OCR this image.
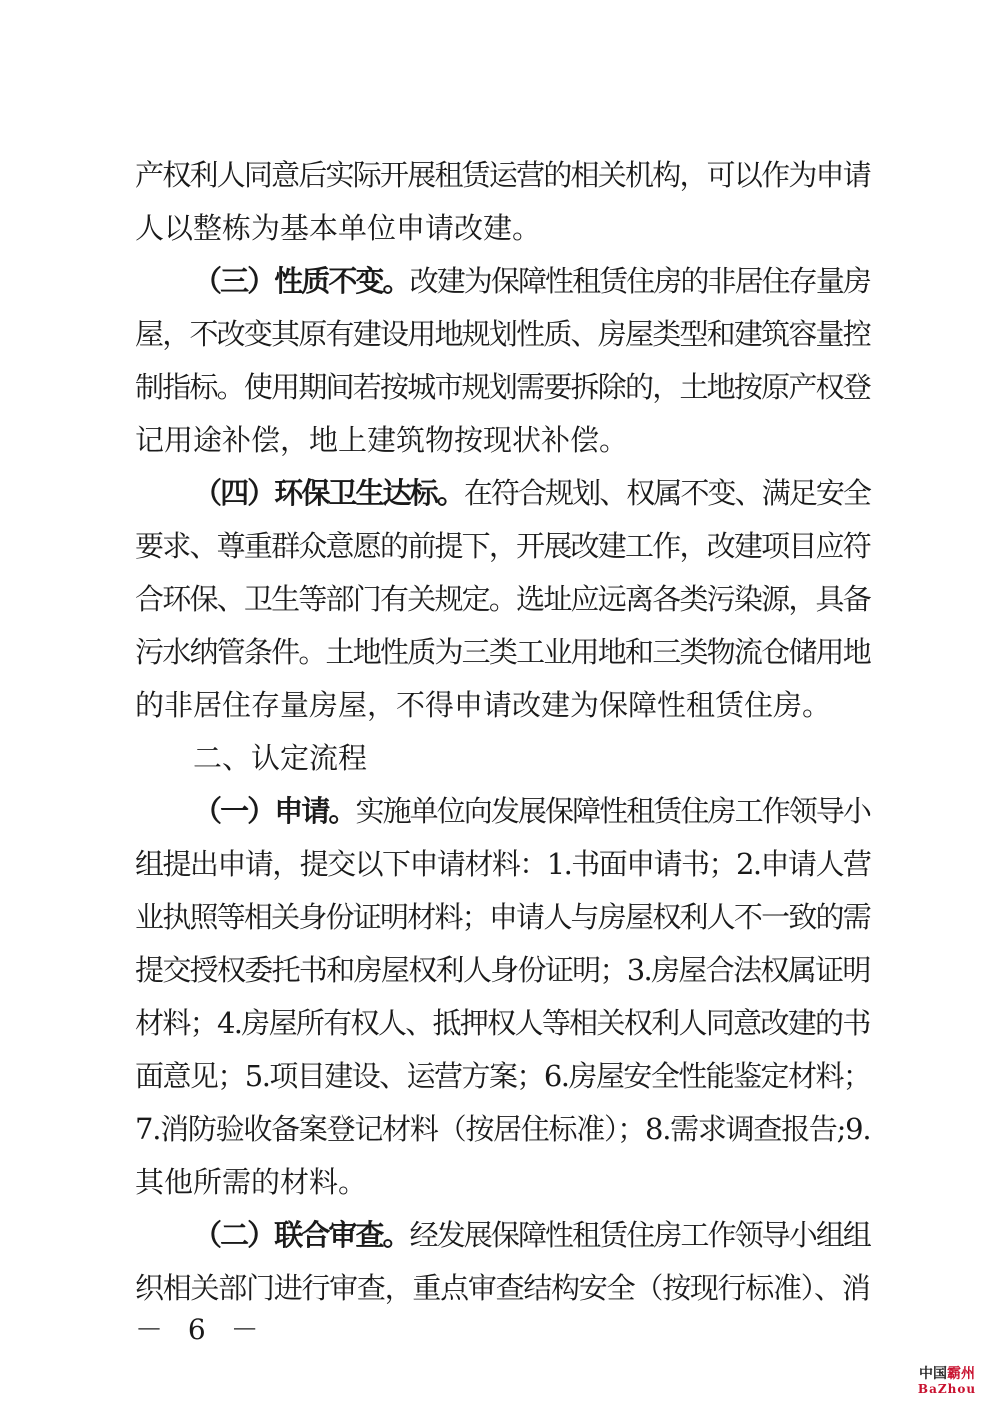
产权利人同意后实际开展租赁运营的相关机构，可以作为申请
人以整栋为基本单位申请改建。
（三）性质不变。改建为保障性租赁住房的非居住存量房
屋，不改变其原有建设用地规划性质、房屋类型和建筑容量控
制指标。使用期间若按城市规划需要拆除的，土地按原产权登
记用途补偿，地上建筑物按现状补偿。
（四）环保卫生达标。在符合规划、权属不变、满足安全
要求、尊重群众意愿的前提下，开展改建工作，改建项目应符
合环保、卫生等部门有关规定。选址应远离各类污染源，具备
污水纳管条件。土地性质为三类工业用地和三类物流仓储用地
的非居住存量房屋，不得申请改建为保障性租赁住房。
二、认定流程
（一）申请。实施单位向发展保障性租赁住房工作领导小
组提出申请，提交以下申请材料：1.书面申请书；2.申请人营
业执照等相关身份证明材料；申请人与房屋权利人不一致的需
提交授权委托书和房屋权利人身份证明；3.房屋合法权属证明
材料；4.房屋所有权人、抵押权人等相关权利人同意改建的书
面意见；5.项目建设、运营方案；6.房屋安全性能鉴定材料；
7.消防验收备案登记材料（按居住标准）；8.需求调查报告;9.
其他所需的材料。
（二）联合审查。经发展保障性租赁住房工作领导小组组
织相关部门进行审查，重点审查结构安全（按现行标准）、消
－ 6 －
中国霸州
BaZhou
